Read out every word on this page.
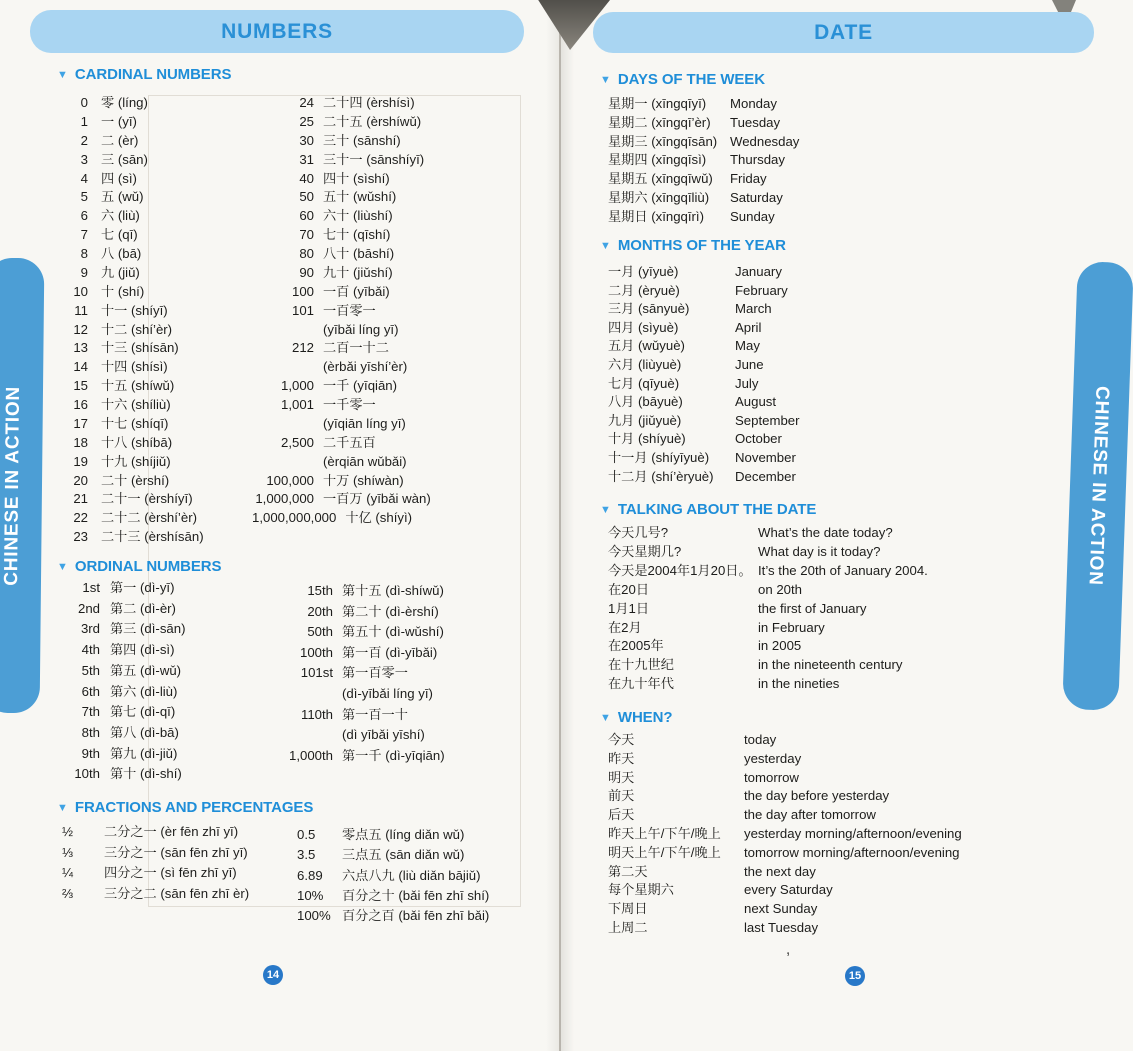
NUMBERS
▼ CARDINAL NUMBERS
0 零 (líng)
1 一 (yī)
2 二 (èr)
3 三 (sān)
4 四 (sì)
5 五 (wǔ)
6 六 (liù)
7 七 (qī)
8 八 (bā)
9 九 (jiǔ)
10 十 (shí)
11 十一 (shíyī)
12 十二 (shí’èr)
13 十三 (shísān)
14 十四 (shísì)
15 十五 (shíwǔ)
16 十六 (shíliù)
17 十七 (shíqī)
18 十八 (shíbā)
19 十九 (shíjiǔ)
20 二十 (èrshí)
21 二十一 (èrshíyī)
22 二十二 (èrshí’èr)
23 二十三 (èrshísān)
24 二十四 (èrshísì)
25 二十五 (èrshíwǔ)
30 三十 (sānshí)
31 三十一 (sānshíyī)
40 四十 (sìshí)
50 五十 (wǔshí)
60 六十 (liùshí)
70 七十 (qīshí)
80 八十 (bāshí)
90 九十 (jiǔshí)
100 一百 (yībǎi)
101 一百零一
(yībǎi líng yī)
212 二百一十二
(èrbǎi yīshí’èr)
1,000 一千 (yīqiān)
1,001 一千零一
(yīqiān líng yī)
2,500 二千五百
(èrqiān wǔbǎi)
100,000 十万 (shíwàn)
1,000,000 一百万 (yībǎi wàn)
1,000,000,000 十亿 (shíyì)
▼ ORDINAL NUMBERS
1st 第一 (dì-yī)
2nd 第二 (dì-èr)
3rd 第三 (dì-sān)
4th 第四 (dì-sì)
5th 第五 (dì-wǔ)
6th 第六 (dì-liù)
7th 第七 (dì-qī)
8th 第八 (dì-bā)
9th 第九 (dì-jiǔ)
10th 第十 (dì-shí)
15th 第十五 (dì-shíwǔ)
20th 第二十 (dì-èrshí)
50th 第五十 (dì-wǔshí)
100th 第一百 (dì-yībǎi)
101st 第一百零一
(dì-yībǎi líng yī)
110th 第一百一十
(dì yībǎi yīshí)
1,000th 第一千 (dì-yīqiān)
▼ FRACTIONS AND PERCENTAGES
½	二分之一 (èr fēn zhī yī)
⅓	三分之一 (sān fēn zhī yī)
¼	四分之一 (sì fēn zhī yī)
⅔	三分之二 (sān fēn zhī èr)
0.5	零点五 (líng diǎn wǔ)
3.5	三点五 (sān diǎn wǔ)
6.89	六点八九 (liù diǎn bājiǔ)
10%	百分之十 (bǎi fēn zhī shí)
100% 百分之百 (bǎi fēn zhī bǎi)
14
DATE
▼ DAYS OF THE WEEK
星期一 (xīngqīyī)	Monday
星期二 (xīngqī’èr)	Tuesday
星期三 (xīngqīsān) Wednesday
星期四 (xīngqīsì)	Thursday
星期五 (xīngqīwǔ)	Friday
星期六 (xīngqīliù)	Saturday
星期日 (xīngqīrì)	Sunday
▼ MONTHS OF THE YEAR
一月 (yīyuè)	January
二月 (èryuè)	February
三月 (sānyuè)	March
四月 (sìyuè)	April
五月 (wǔyuè)	May
六月 (liùyuè)	June
七月 (qīyuè)	July
八月 (bāyuè)	August
九月 (jiǔyuè)	September
十月 (shíyuè)	October
十一月 (shíyīyuè)	November
十二月 (shí’èryuè)	December
▼ TALKING ABOUT THE DATE
今天几号?	What’s the date today?
今天星期几?	What day is it today?
今天是2004年1月20日。 It’s the 20th of January 2004.
在20日	on 20th
1月1日	the first of January
在2月	in February
在2005年	in 2005
在十九世纪	in the nineteenth century
在九十年代	in the nineties
▼ WHEN?
今天	today
昨天	yesterday
明天	tomorrow
前天	the day before yesterday
后天	the day after tomorrow
昨天上午/下午/晚上	yesterday morning/afternoon/evening
明天上午/下午/晚上	tomorrow morning/afternoon/evening
第二天	the next day
每个星期六	every Saturday
下周日	next Sunday
上周二	last Tuesday
,
15
CHINESE IN ACTION	CHINESE IN ACTION
